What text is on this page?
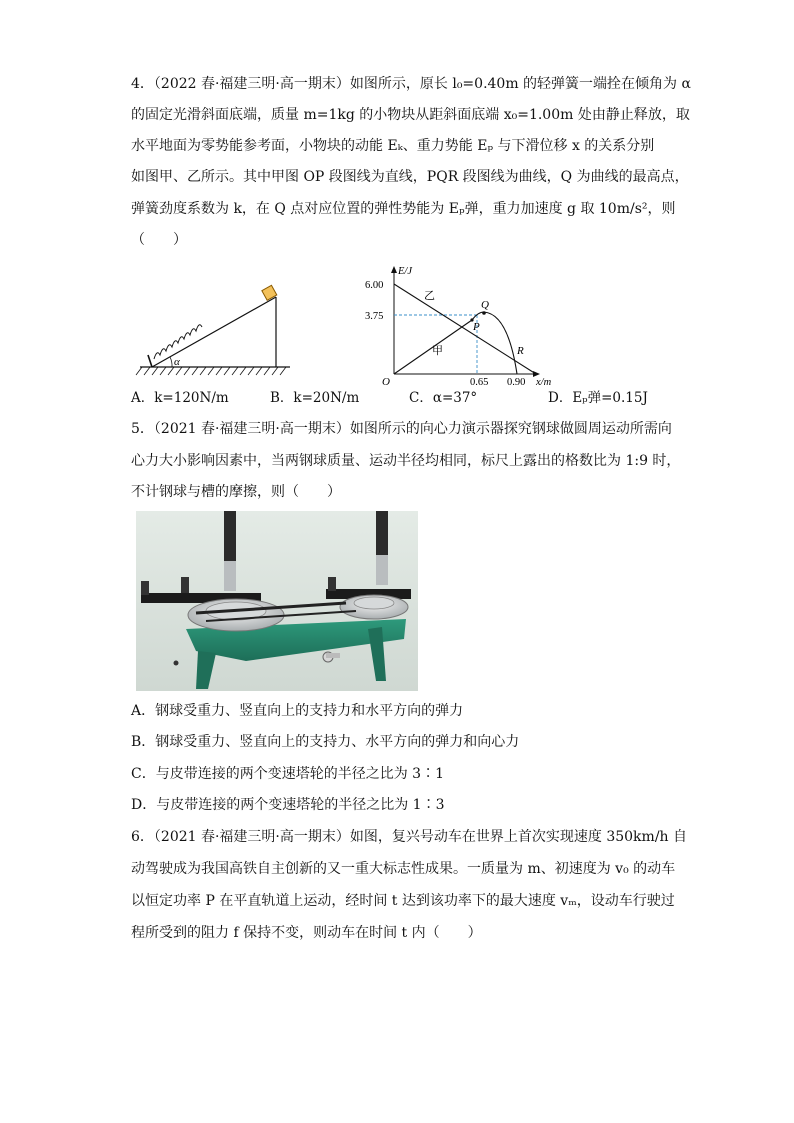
4．（2022 春·福建三明·高一期末）如图所示，原长 l₀=0.40m 的轻弹簧一端拴在倾角为 α
的固定光滑斜面底端，质量 m=1kg 的小物块从距斜面底端 x₀=1.00m 处由静止释放，取
水平地面为零势能参考面，小物块的动能 Eₖ、重力势能 Eₚ 与下滑位移 x 的关系分别
如图甲、乙所示。其中甲图 OP 段图线为直线，PQR 段图线为曲线，Q 为曲线的最高点，
弹簧劲度系数为 k，在 Q 点对应位置的弹性势能为 Eₚ弹，重力加速度 g 取 10m/s²，则
（　　）
α
E/J
x/m
O
6.00
3.75
0.65 0.90
乙
甲
Q
P
R
A．k=120N/m	B．k=20N/m	C．α=37°	D．Eₚ弹=0.15J
5．（2021 春·福建三明·高一期末）如图所示的向心力演示器探究钢球做圆周运动所需向
心力大小影响因素中，当两钢球质量、运动半径均相同，标尺上露出的格数比为 1:9 时，
不计钢球与槽的摩擦，则（　　）
A．钢球受重力、竖直向上的支持力和水平方向的弹力
B．钢球受重力、竖直向上的支持力、水平方向的弹力和向心力
C．与皮带连接的两个变速塔轮的半径之比为 3∶1
D．与皮带连接的两个变速塔轮的半径之比为 1∶3
6．（2021 春·福建三明·高一期末）如图，复兴号动车在世界上首次实现速度 350km/h 自
动驾驶成为我国高铁自主创新的又一重大标志性成果。一质量为 m、初速度为 v₀ 的动车
以恒定功率 P 在平直轨道上运动，经时间 t 达到该功率下的最大速度 vₘ，设动车行驶过
程所受到的阻力 f 保持不变，则动车在时间 t 内（　　）
